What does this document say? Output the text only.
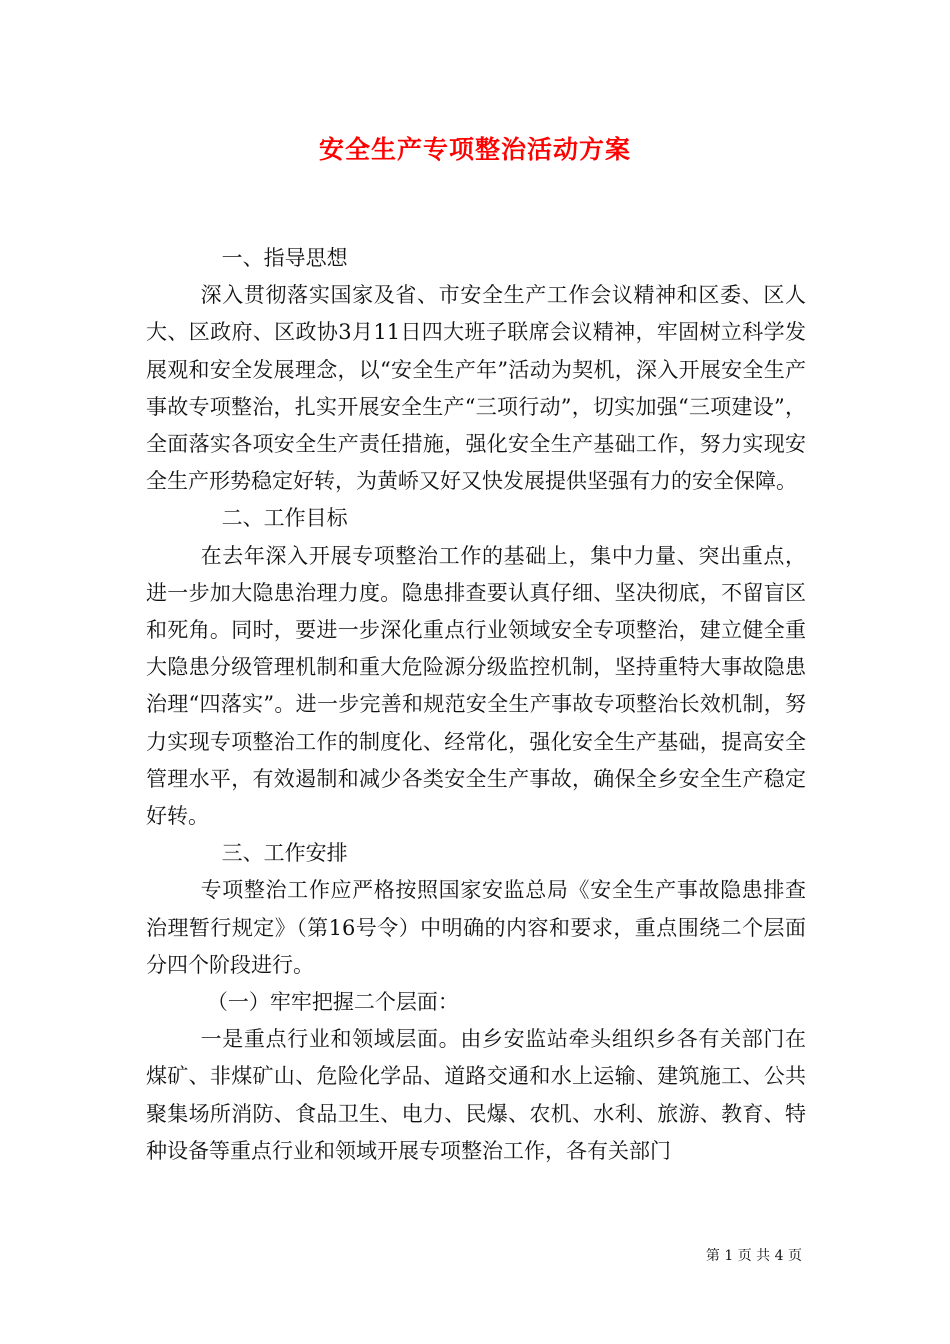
安全生产专项整治活动方案

一、指导思想

深入贯彻落实国家及省、市安全生产工作会议精神和区委、区人大、区政府、区政协3月11日四大班子联席会议精神，牢固树立科学发展观和安全发展理念，以“安全生产年”活动为契机，深入开展安全生产事故专项整治，扎实开展安全生产“三项行动”，切实加强“三项建设”，全面落实各项安全生产责任措施，强化安全生产基础工作，努力实现安全生产形势稳定好转，为黄峤又好又快发展提供坚强有力的安全保障。

二、工作目标

在去年深入开展专项整治工作的基础上，集中力量、突出重点，进一步加大隐患治理力度。隐患排查要认真仔细、坚决彻底，不留盲区和死角。同时，要进一步深化重点行业领域安全专项整治，建立健全重大隐患分级管理机制和重大危险源分级监控机制，坚持重特大事故隐患治理“四落实”。进一步完善和规范安全生产事故专项整治长效机制，努力实现专项整治工作的制度化、经常化，强化安全生产基础，提高安全管理水平，有效遏制和减少各类安全生产事故，确保全乡安全生产稳定好转。

三、工作安排

专项整治工作应严格按照国家安监总局《安全生产事故隐患排查治理暂行规定》（第16号令）中明确的内容和要求，重点围绕二个层面分四个阶段进行。

（一）牢牢把握二个层面：

一是重点行业和领域层面。由乡安监站牵头组织乡各有关部门在煤矿、非煤矿山、危险化学品、道路交通和水上运输、建筑施工、公共聚集场所消防、食品卫生、电力、民爆、农机、水利、旅游、教育、特种设备等重点行业和领域开展专项整治工作，各有关部门

第 1 页 共 4 页
